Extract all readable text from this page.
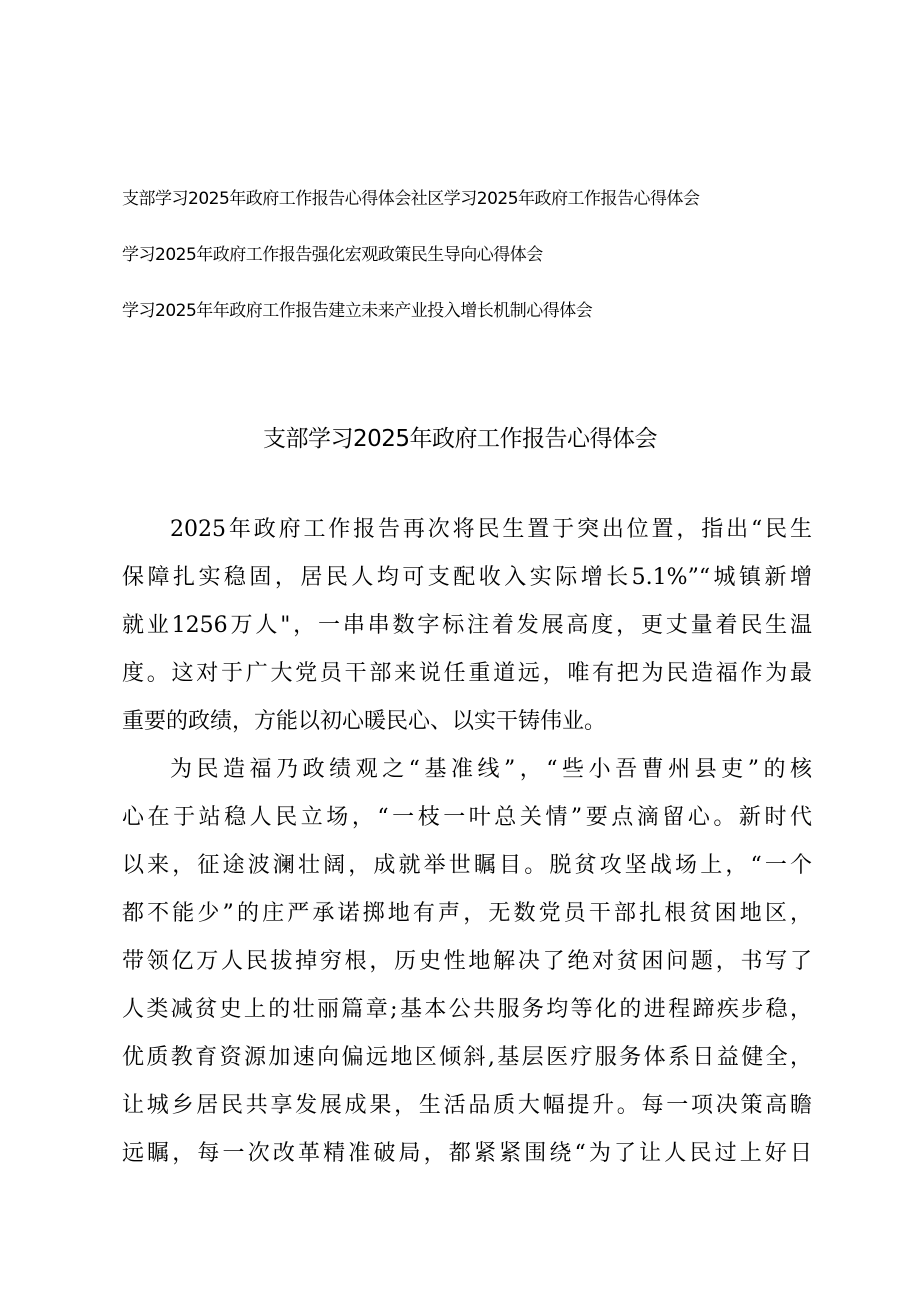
支部学习2025年政府工作报告心得体会社区学习2025年政府工作报告心得体会
学习2025年政府工作报告强化宏观政策民生导向心得体会
学习2025年年政府工作报告建立未来产业投入增长机制心得体会
支部学习2025年政府工作报告心得体会
2025年政府工作报告再次将民生置于突出位置，指出“民生
保障扎实稳固，居民人均可支配收入实际增长5.1%”“城镇新增
就业1256万人"，一串串数字标注着发展高度，更丈量着民生温
度。这对于广大党员干部来说任重道远，唯有把为民造福作为最
重要的政绩，方能以初心暖民心、以实干铸伟业。
为民造福乃政绩观之“基准线”，“些小吾曹州县吏”的核
心在于站稳人民立场，“一枝一叶总关情”要点滴留心。新时代
以来，征途波澜壮阔，成就举世瞩目。脱贫攻坚战场上，“一个
都不能少”的庄严承诺掷地有声，无数党员干部扎根贫困地区，
带领亿万人民拔掉穷根，历史性地解决了绝对贫困问题，书写了
人类减贫史上的壮丽篇章;基本公共服务均等化的进程蹄疾步稳，
优质教育资源加速向偏远地区倾斜,基层医疗服务体系日益健全，
让城乡居民共享发展成果，生活品质大幅提升。每一项决策高瞻
远瞩，每一次改革精准破局，都紧紧围绕“为了让人民过上好日
